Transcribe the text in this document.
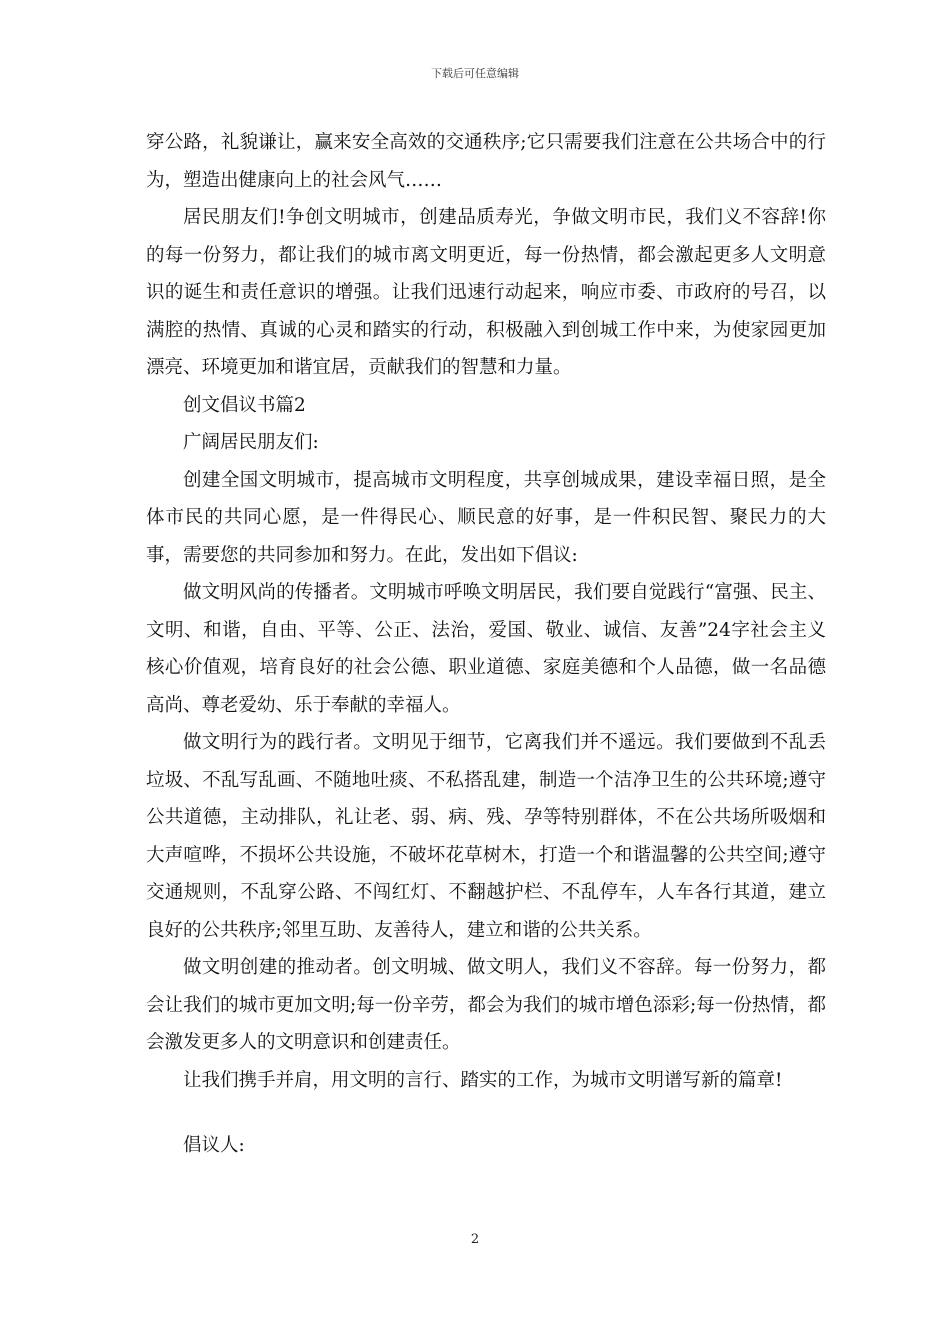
下载后可任意编辑

穿公路，礼貌谦让，赢来安全高效的交通秩序;它只需要我们注意在公共场合中的行为，塑造出健康向上的社会风气……

居民朋友们!争创文明城市，创建品质寿光，争做文明市民，我们义不容辞!你的每一份努力，都让我们的城市离文明更近，每一份热情，都会激起更多人文明意识的诞生和责任意识的增强。让我们迅速行动起来，响应市委、市政府的号召，以满腔的热情、真诚的心灵和踏实的行动，积极融入到创城工作中来，为使家园更加漂亮、环境更加和谐宜居，贡献我们的智慧和力量。

创文倡议书篇2

广阔居民朋友们:

创建全国文明城市，提高城市文明程度，共享创城成果，建设幸福日照，是全体市民的共同心愿，是一件得民心、顺民意的好事，是一件积民智、聚民力的大事，需要您的共同参加和努力。在此，发出如下倡议:

做文明风尚的传播者。文明城市呼唤文明居民，我们要自觉践行“富强、民主、文明、和谐，自由、平等、公正、法治，爱国、敬业、诚信、友善”24字社会主义核心价值观，培育良好的社会公德、职业道德、家庭美德和个人品德，做一名品德高尚、尊老爱幼、乐于奉献的幸福人。

做文明行为的践行者。文明见于细节，它离我们并不遥远。我们要做到不乱丢垃圾、不乱写乱画、不随地吐痰、不私搭乱建，制造一个洁净卫生的公共环境;遵守公共道德，主动排队，礼让老、弱、病、残、孕等特别群体，不在公共场所吸烟和大声喧哗，不损坏公共设施，不破坏花草树木，打造一个和谐温馨的公共空间;遵守交通规则，不乱穿公路、不闯红灯、不翻越护栏、不乱停车，人车各行其道，建立良好的公共秩序;邻里互助、友善待人，建立和谐的公共关系。

做文明创建的推动者。创文明城、做文明人，我们义不容辞。每一份努力，都会让我们的城市更加文明;每一份辛劳，都会为我们的城市增色添彩;每一份热情，都会激发更多人的文明意识和创建责任。

让我们携手并肩，用文明的言行、踏实的工作，为城市文明谱写新的篇章!

倡议人:

2
